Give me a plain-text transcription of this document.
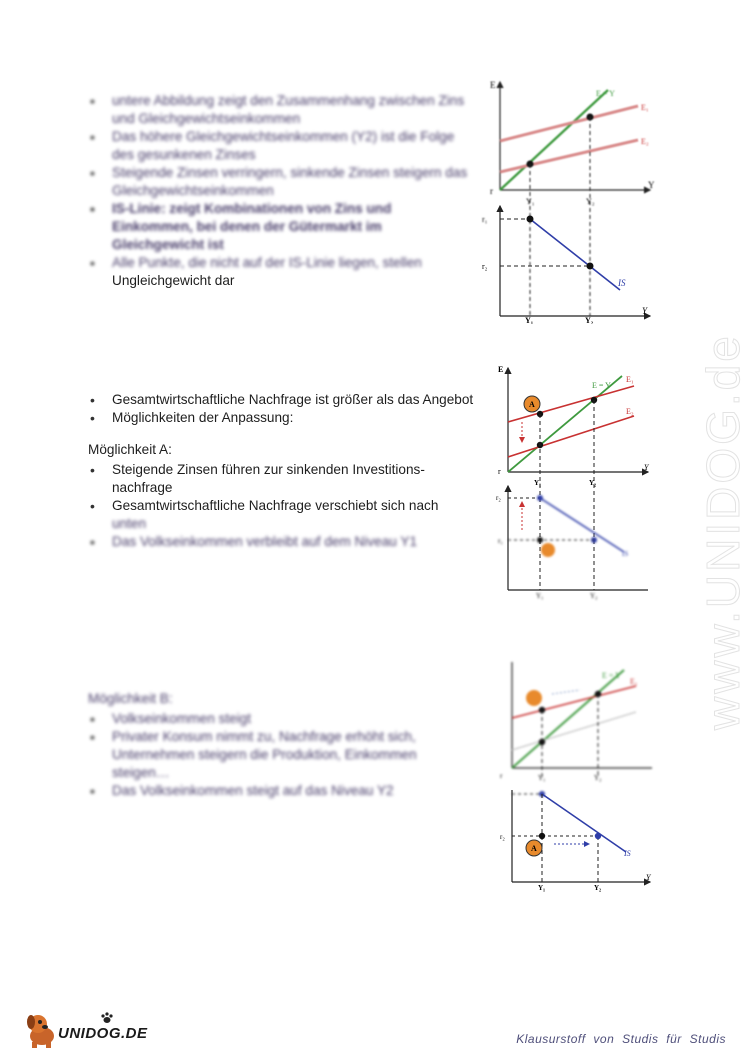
www.UNIDOG.de
• untere Abbildung zeigt den Zusammenhang zwischen Zins und Gleichgewichtseinkommen
• Das höhere Gleichgewichtseinkommen (Y2) ist die Folge des gesunkenen Zinses
• Steigende Zinsen verringern, sinkende Zinsen steigern das Gleichgewichtseinkommen
• IS-Linie: zeigt Kombinationen von Zins und Einkommen, bei denen der Gütermarkt im Gleichgewicht ist
• Alle Punkte, die nicht auf der IS-Linie liegen, stellen
Ungleichgewicht dar
• Gesamtwirtschaftliche Nachfrage ist größer als das Angebot
• Möglichkeiten der Anpassung:
Möglichkeit A:
• Steigende Zinsen führen zur sinkenden Investitions-nachfrage
• Gesamtwirtschaftliche Nachfrage verschiebt sich nach
unten
• Das Volkseinkommen verbleibt auf dem Niveau Y1
Möglichkeit B:
• Volkseinkommen steigt
• Privater Konsum nimmt zu, Nachfrage erhöht sich, Unternehmen steigern die Produktion, Einkommen steigen…
• Das Volkseinkommen steigt auf das Niveau Y2
E
r
Y
E = Y
E₁
E₂
Y₁	Y₂
Y
r₁
r₂
IS
Y₁	Y₂
E
r	Y
E = Y
E₁
E₂
A
Y₁	Y₂
r₂
r₁
IS
Y₁	Y₂
E = Y
E₁
r	Y₁	Y₂
Y
IS
r₂
A
Y₁	Y₂
UNIDOG.DE	Klausurstoff von Studis für Studis
